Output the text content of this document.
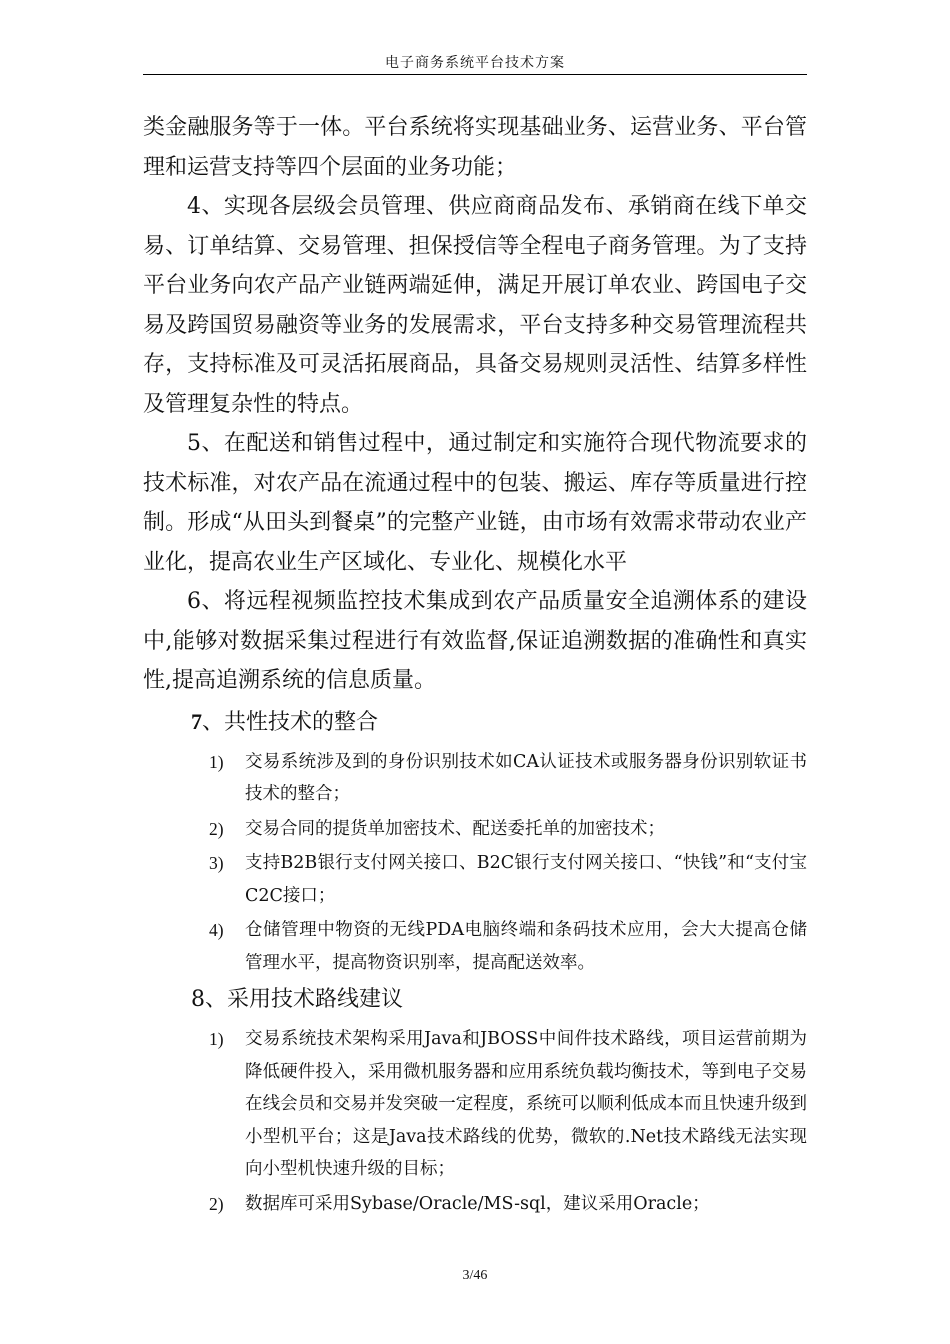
电子商务系统平台技术方案

类金融服务等于一体。平台系统将实现基础业务、运营业务、平台管理和运营支持等四个层面的业务功能；

4、实现各层级会员管理、供应商商品发布、承销商在线下单交易、订单结算、交易管理、担保授信等全程电子商务管理。为了支持平台业务向农产品产业链两端延伸，满足开展订单农业、跨国电子交易及跨国贸易融资等业务的发展需求，平台支持多种交易管理流程共存，支持标准及可灵活拓展商品，具备交易规则灵活性、结算多样性及管理复杂性的特点。

5、在配送和销售过程中，通过制定和实施符合现代物流要求的技术标准，对农产品在流通过程中的包装、搬运、库存等质量进行控制。形成“从田头到餐桌”的完整产业链，由市场有效需求带动农业产业化，提高农业生产区域化、专业化、规模化水平

6、将远程视频监控技术集成到农产品质量安全追溯体系的建设中,能够对数据采集过程进行有效监督,保证追溯数据的准确性和真实性,提高追溯系统的信息质量。

7、共性技术的整合
1) 交易系统涉及到的身份识别技术如CA认证技术或服务器身份识别软证书技术的整合；
2) 交易合同的提货单加密技术、配送委托单的加密技术；
3) 支持B2B银行支付网关接口、B2C银行支付网关接口、“快钱”和“支付宝C2C接口；
4) 仓储管理中物资的无线PDA电脑终端和条码技术应用，会大大提高仓储管理水平，提高物资识别率，提高配送效率。
8、采用技术路线建议
1) 交易系统技术架构采用Java和JBOSS中间件技术路线，项目运营前期为降低硬件投入，采用微机服务器和应用系统负载均衡技术，等到电子交易在线会员和交易并发突破一定程度，系统可以顺利低成本而且快速升级到小型机平台；这是Java技术路线的优势，微软的.Net技术路线无法实现向小型机快速升级的目标；
2) 数据库可采用Sybase/Oracle/MS-sql，建议采用Oracle；
3/46
